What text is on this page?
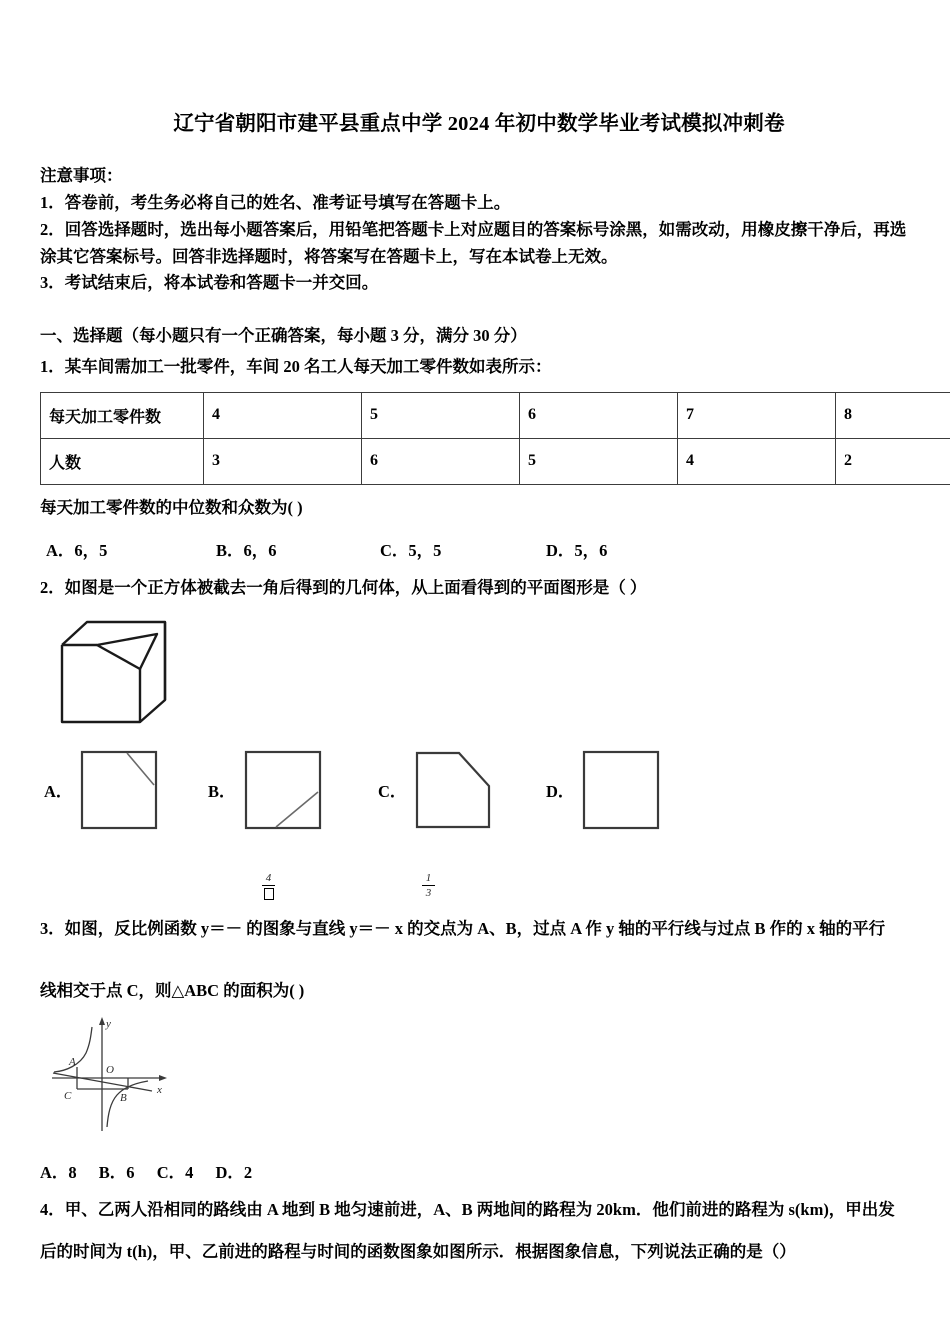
辽宁省朝阳市建平县重点中学 2024 年初中数学毕业考试模拟冲刺卷

注意事项：

1．答卷前，考生务必将自己的姓名、准考证号填写在答题卡上。

2．回答选择题时，选出每小题答案后，用铅笔把答题卡上对应题目的答案标号涂黑，如需改动，用橡皮擦干净后，再选涂其它答案标号。回答非选择题时，将答案写在答题卡上，写在本试卷上无效。

3．考试结束后，将本试卷和答题卡一并交回。

一、选择题（每小题只有一个正确答案，每小题 3 分，满分 30 分）
1．某车间需加工一批零件，车间 20 名工人每天加工零件数如表所示：
每天加工零件数	4	5	6	7	8
人数	3	6	5	4	2
每天加工零件数的中位数和众数为( )
A．6，5	B．6，6	C．5，5	D．5，6
2．如图是一个正方体被截去一角后得到的几何体，从上面看得到的平面图形是（ ）
A．	B．	C．	D．
4	1
3
3．如图，反比例函数 y＝－ 的图象与直线 y＝－ x 的交点为 A、B，过点 A 作 y 轴的平行线与过点 B 作的 x 轴的平行
线相交于点 C，则△ABC 的面积为( )
y
x
O
A
B
C
A．8 B．6 C．4 D．2
4．甲、乙两人沿相同的路线由 A 地到 B 地匀速前进，A、B 两地间的路程为 20km．他们前进的路程为 s(km)，甲出发
后的时间为 t(h)，甲、乙前进的路程与时间的函数图象如图所示．根据图象信息，下列说法正确的是（）
